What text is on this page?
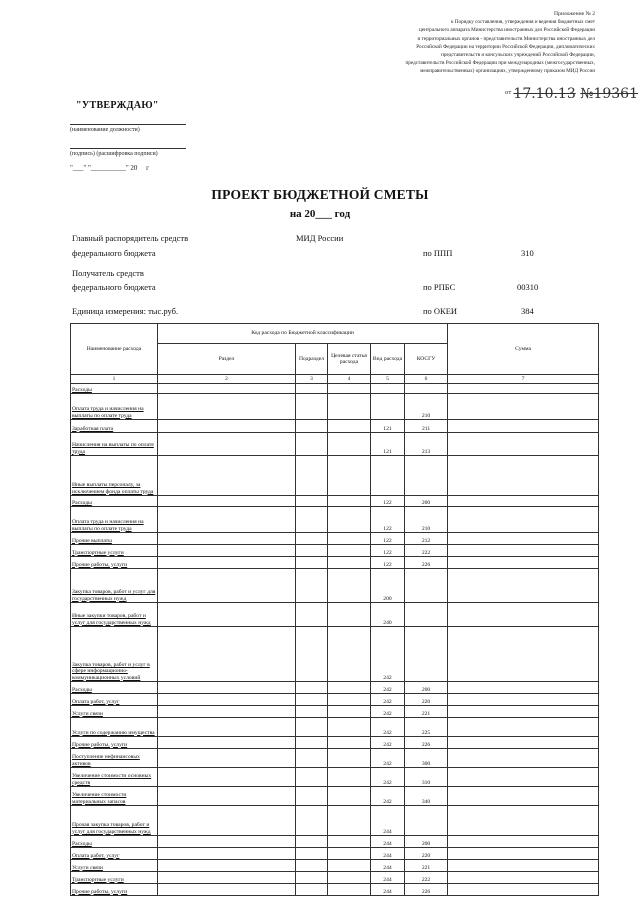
Приложение № 2
к Порядку составления, утверждения и ведения бюджетных смет
центрального аппарата Министерства иностранных дел Российской Федерации
и территориальных органов - представительств Министерства иностранных дел
Российской Федерации на территории Российской Федерации, дипломатических
представительств и консульских учреждений Российской Федерации,
представительств Российской Федерации при международных (межгосударственных,
межправительственных) организациях, утвержденному приказом МИД России
$^{от}$ 17.10.13 №19361
"УТВЕРЖДАЮ"
(наименование должности)
(подпись) (расшифровка подписи)
"___" "__________" 20     г
ПРОЕКТ БЮДЖЕТНОЙ СМЕТЫ
на 20___ год
Главный распорядитель средств	МИД России
федерального бюджета	по ППП	310
Получатель средств
федерального бюджета	по РПБС	00310
Единица измерения: тыс.руб.	по ОКЕИ	384
Наименование расхода	Код расхода по Бюджетной классификации					Сумма
	Раздел	Подраздел	Целевая статья расхода	Вид расхода	КОСГУ	
1	2	3	4	5	6	7
Расходы						
Оплата труда и начисления на выплаты по оплате труда					210	
Заработная плата				121	211	
Начисления на выплаты по оплате труда				121	213	
Иные выплаты персоналу, за исключением фонда оплаты труда						
Расходы				122	200	
Оплата труда и начисления на выплаты по оплате труда				122	210	
Прочие выплаты				122	212	
Транспортные услуги				122	222	
Прочие работы, услуги				122	226	
Закупка товаров, работ и услуг для государственных нужд				200		
Иные закупки товаров, работ и услуг для государственных нужд				240		
Закупка товаров, работ и услуг в сфере информационно-коммуникационных условий				242		
Расходы				242	200	
Оплата работ, услуг				242	220	
Услуги связи				242	221	
Услуги по содержанию имущества				242	225	
Прочие работы, услуги				242	226	
Поступление нефинансовых активов				242	300	
Увеличение стоимости основных средств				242	310	
Увеличение стоимости материальных запасов				242	340	
Прочая закупка товаров, работ и услуг для государственных нужд				244		
Расходы				244	200	
Оплата работ, услуг				244	220	
Услуги связи				244	221	
Транспортные услуги				244	222	
Прочие работы, услуги				244	226	
